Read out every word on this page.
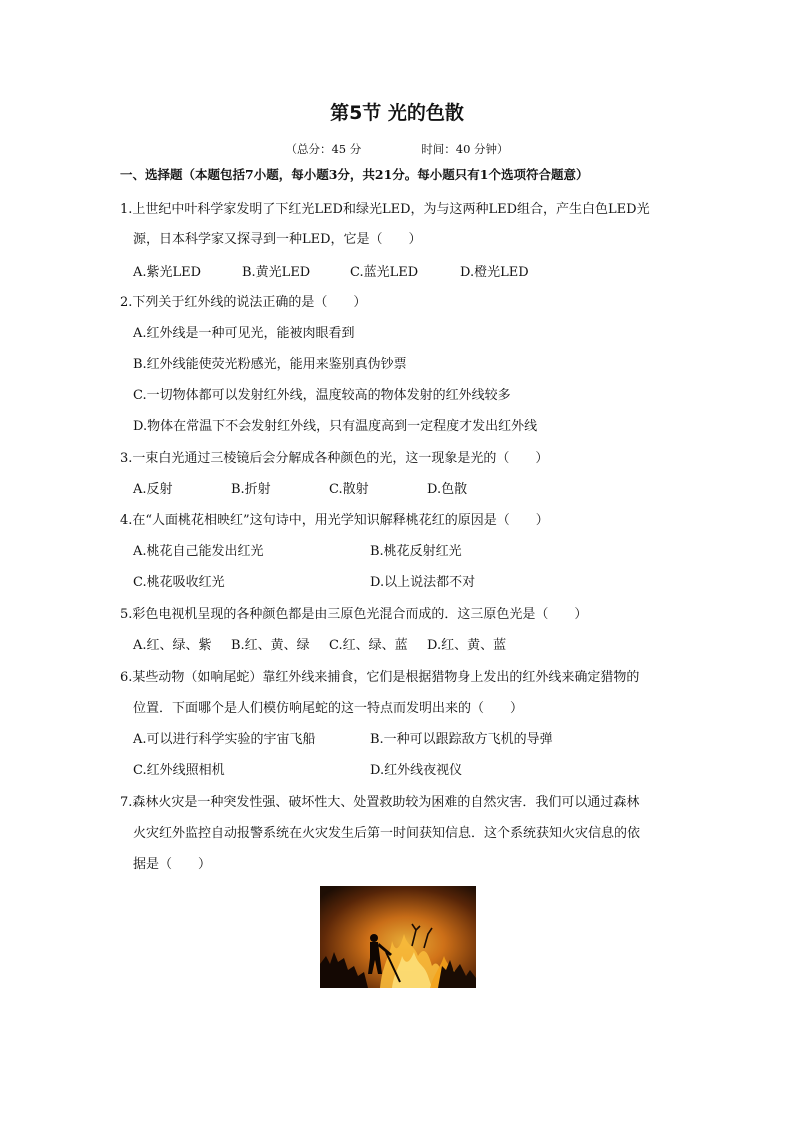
第5节 光的色散
（总分：45 分	时间：40 分钟）
一、选择题（本题包括7小题，每小题3分，共21分。每小题只有1个选项符合题意）
1.上世纪中叶科学家发明了下红光LED和绿光LED，为与这两种LED组合，产生白色LED光
源，日本科学家又探寻到一种LED，它是（　　）
A.紫光LED	B.黄光LED	C.蓝光LED	D.橙光LED
2.下列关于红外线的说法正确的是（　　）
A.红外线是一种可见光，能被肉眼看到
B.红外线能使荧光粉感光，能用来鉴别真伪钞票
C.一切物体都可以发射红外线，温度较高的物体发射的红外线较多
D.物体在常温下不会发射红外线，只有温度高到一定程度才发出红外线
3.一束白光通过三棱镜后会分解成各种颜色的光，这一现象是光的（　　）
A.反射	B.折射	C.散射	D.色散
4.在“人面桃花相映红”这句诗中，用光学知识解释桃花红的原因是（　　）
A.桃花自己能发出红光	B.桃花反射红光
C.桃花吸收红光	D.以上说法都不对
5.彩色电视机呈现的各种颜色都是由三原色光混合而成的．这三原色光是（　　）
A.红、绿、紫 B.红、黄、绿 C.红、绿、蓝 D.红、黄、蓝
6.某些动物（如响尾蛇）靠红外线来捕食，它们是根据猎物身上发出的红外线来确定猎物的
位置．下面哪个是人们模仿响尾蛇的这一特点而发明出来的（　　）
A.可以进行科学实验的宇宙飞船	B.一种可以跟踪敌方飞机的导弹
C.红外线照相机	D.红外线夜视仪
7.森林火灾是一种突发性强、破坏性大、处置救助较为困难的自然灾害．我们可以通过森林
火灾红外监控自动报警系统在火灾发生后第一时间获知信息．这个系统获知火灾信息的依
据是（　　）
